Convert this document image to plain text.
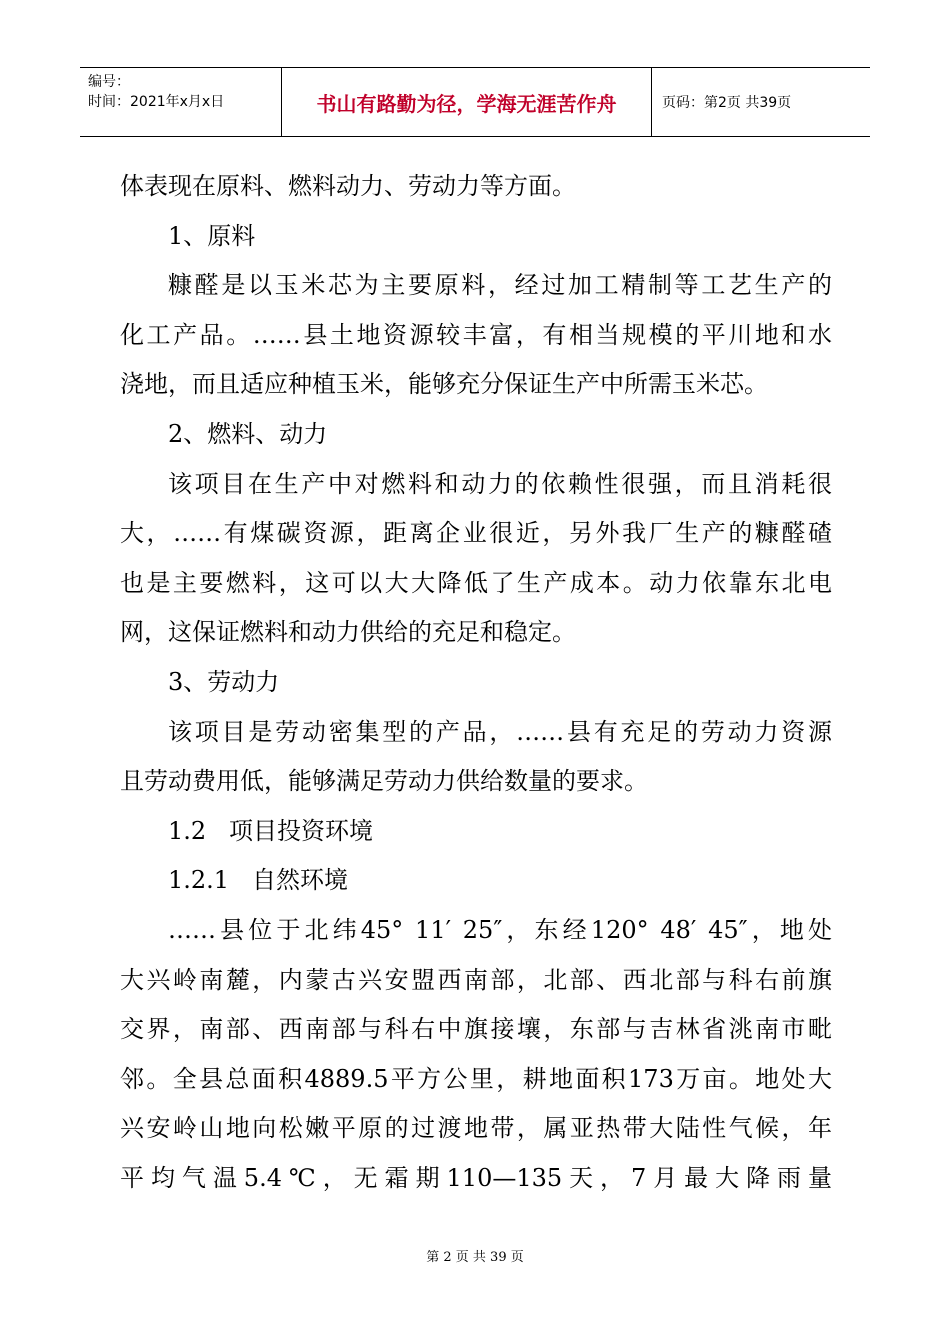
编号：
时间：2021年x月x日	书山有路勤为径，学海无涯苦作舟	页码：第2页 共39页

体表现在原料、燃料动力、劳动力等方面。

1、原料

糠醛是以玉米芯为主要原料，经过加工精制等工艺生产的

化工产品。……县土地资源较丰富，有相当规模的平川地和水

浇地，而且适应种植玉米，能够充分保证生产中所需玉米芯。

2、燃料、动力

该项目在生产中对燃料和动力的依赖性很强，而且消耗很

大，……有煤碳资源，距离企业很近，另外我厂生产的糠醛碴

也是主要燃料，这可以大大降低了生产成本。动力依靠东北电

网，这保证燃料和动力供给的充足和稳定。

3、劳动力

该项目是劳动密集型的产品，……县有充足的劳动力资源

且劳动费用低，能够满足劳动力供给数量的要求。

1.2   项目投资环境

1.2.1   自然环境

……县位于北纬45° 11′ 25″，东经120° 48′ 45″，地处

大兴岭南麓，内蒙古兴安盟西南部，北部、西北部与科右前旗

交界，南部、西南部与科右中旗接壤，东部与吉林省洮南市毗

邻。全县总面积4889.5平方公里，耕地面积173万亩。地处大

兴安岭山地向松嫩平原的过渡地带，属亚热带大陆性气候，年

平均气温5.4℃，无霜期110—135天，7月最大降雨量

第 2 页 共 39 页
